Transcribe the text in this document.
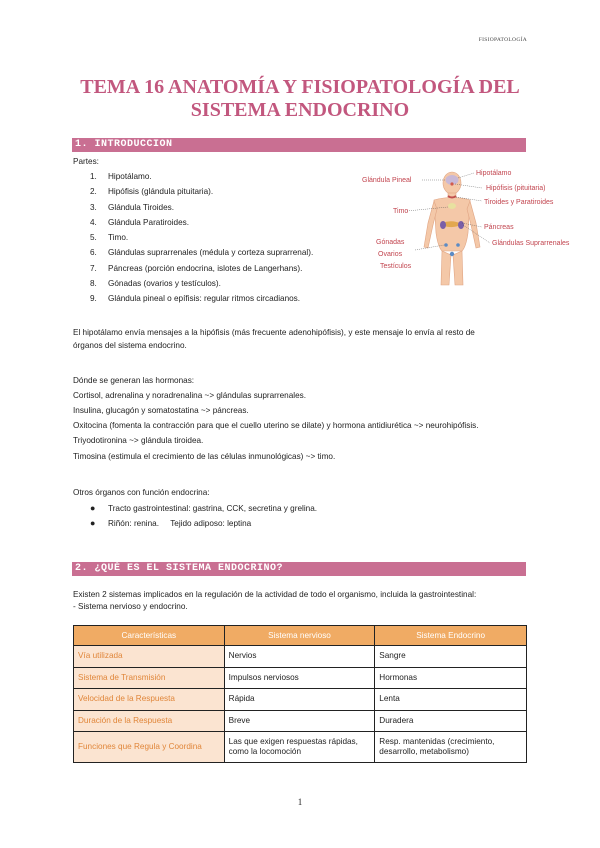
FISIOPATOLOGÍA
TEMA 16 ANATOMÍA Y FISIOPATOLOGÍA DEL
SISTEMA ENDOCRINO
1. INTRODUCCION
Partes:
1. Hipotálamo.
2. Hipófisis (glándula pituitaria).
3. Glándula Tiroides.
4. Glándula Paratiroides.
5. Timo.
6. Glándulas suprarrenales (médula y corteza suprarrenal).
7. Páncreas (porción endocrina, islotes de Langerhans).
8. Gónadas (ovarios y testículos).
9. Glándula pineal o epífisis: regular ritmos circadianos.
Glándula Pineal
Hipotálamo
Hipófisis (pituitaria)
Tiroides y Paratiroides
Timo
Páncreas
Glándulas Suprarrenales
Gónadas
Ovarios
Testículos
El hipotálamo envía mensajes a la hipófisis (más frecuente adenohipófisis), y este mensaje lo envía al resto de
órganos del sistema endocrino.
Dónde se generan las hormonas:
Cortisol, adrenalina y noradrenalina ~> glándulas suprarrenales.
Insulina, glucagón y somatostatina ~> páncreas.
Oxitocina (fomenta la contracción para que el cuello uterino se dilate) y hormona antidiurética ~> neurohipófisis.
Triyodotironina ~> glándula tiroidea.
Timosina (estimula el crecimiento de las células inmunológicas) ~> timo.
Otros órganos con función endocrina:
● Tracto gastrointestinal: gastrina, CCK, secretina y grelina.
● Riñón: renina.     Tejido adiposo: leptina
2. ¿QUÉ ES EL SISTEMA ENDOCRINO?
Existen 2 sistemas implicados en la regulación de la actividad de todo el organismo, incluida la gastrointestinal:
- Sistema nervioso y endocrino.
Características	Sistema nervioso	Sistema Endocrino
Vía utilizada	Nervios	Sangre
Sistema de Transmisión	Impulsos nerviosos	Hormonas
Velocidad de la Respuesta	Rápida	Lenta
Duración de la Respuesta	Breve	Duradera
Funciones que Regula y Coordina	Las que exigen respuestas rápidas, como la locomoción	Resp. mantenidas (crecimiento, desarrollo, metabolismo)
1
